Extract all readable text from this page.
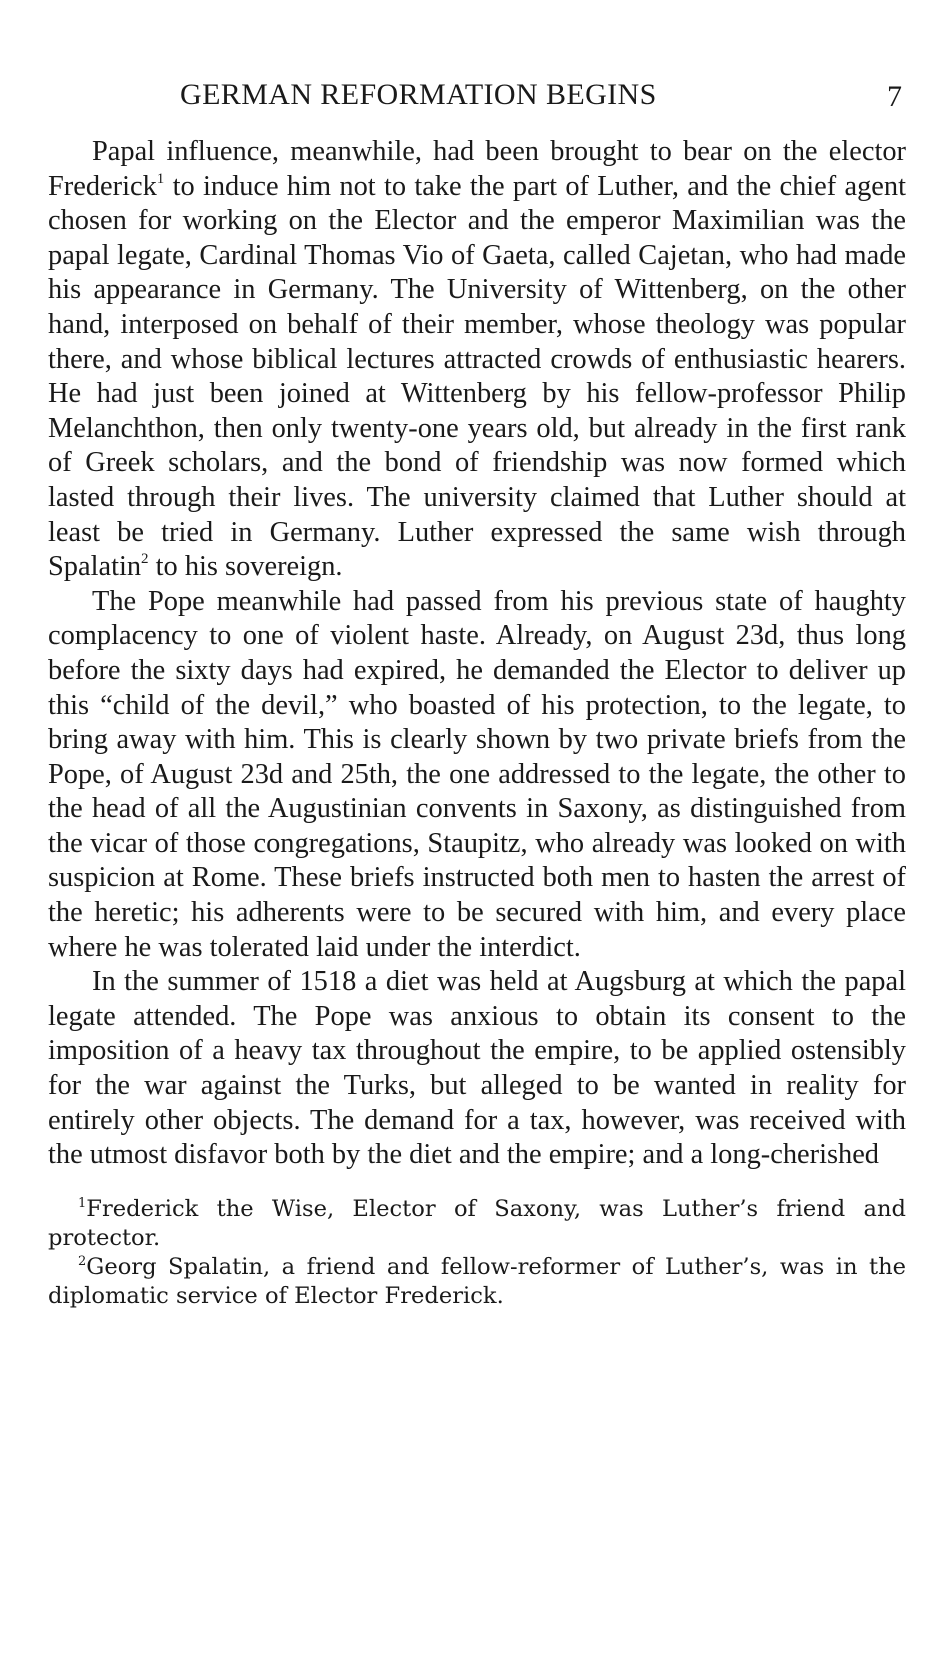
GERMAN REFORMATION BEGINS	7

Papal influence, meanwhile, had been brought to bear on the elector Frederick$^1$ to induce him not to take the part of Luther, and the chief agent chosen for working on the Elector and the emperor Maximilian was the papal legate, Cardinal Thomas Vio of Gaeta, called Cajetan, who had made his appearance in Germany. The University of Wittenberg, on the other hand, interposed on behalf of their member, whose theology was popular there, and whose biblical lectures attracted crowds of enthusiastic hearers. He had just been joined at Wittenberg by his fellow-professor Philip Melanchthon, then only twenty-one years old, but already in the first rank of Greek scholars, and the bond of friendship was now formed which lasted through their lives. The university claimed that Luther should at least be tried in Germany. Luther expressed the same wish through Spalatin$^2$ to his sovereign.

The Pope meanwhile had passed from his previous state of haughty complacency to one of violent haste. Already, on August 23d, thus long before the sixty days had expired, he demanded the Elector to deliver up this “child of the devil,” who boasted of his protection, to the legate, to bring away with him. This is clearly shown by two private briefs from the Pope, of August 23d and 25th, the one addressed to the legate, the other to the head of all the Augustinian convents in Saxony, as distinguished from the vicar of those congregations, Staupitz, who already was looked on with suspicion at Rome. These briefs instructed both men to hasten the arrest of the heretic; his adherents were to be secured with him, and every place where he was tolerated laid under the interdict.

In the summer of 1518 a diet was held at Augsburg at which the papal legate attended. The Pope was anxious to obtain its consent to the imposition of a heavy tax throughout the empire, to be applied ostensibly for the war against the Turks, but alleged to be wanted in reality for entirely other objects. The demand for a tax, however, was received with the utmost disfavor both by the diet and the empire; and a long-cherished

$^1$Frederick the Wise, Elector of Saxony, was Luther’s friend and protector.

$^2$Georg Spalatin, a friend and fellow-reformer of Luther’s, was in the diplomatic service of Elector Frederick.
